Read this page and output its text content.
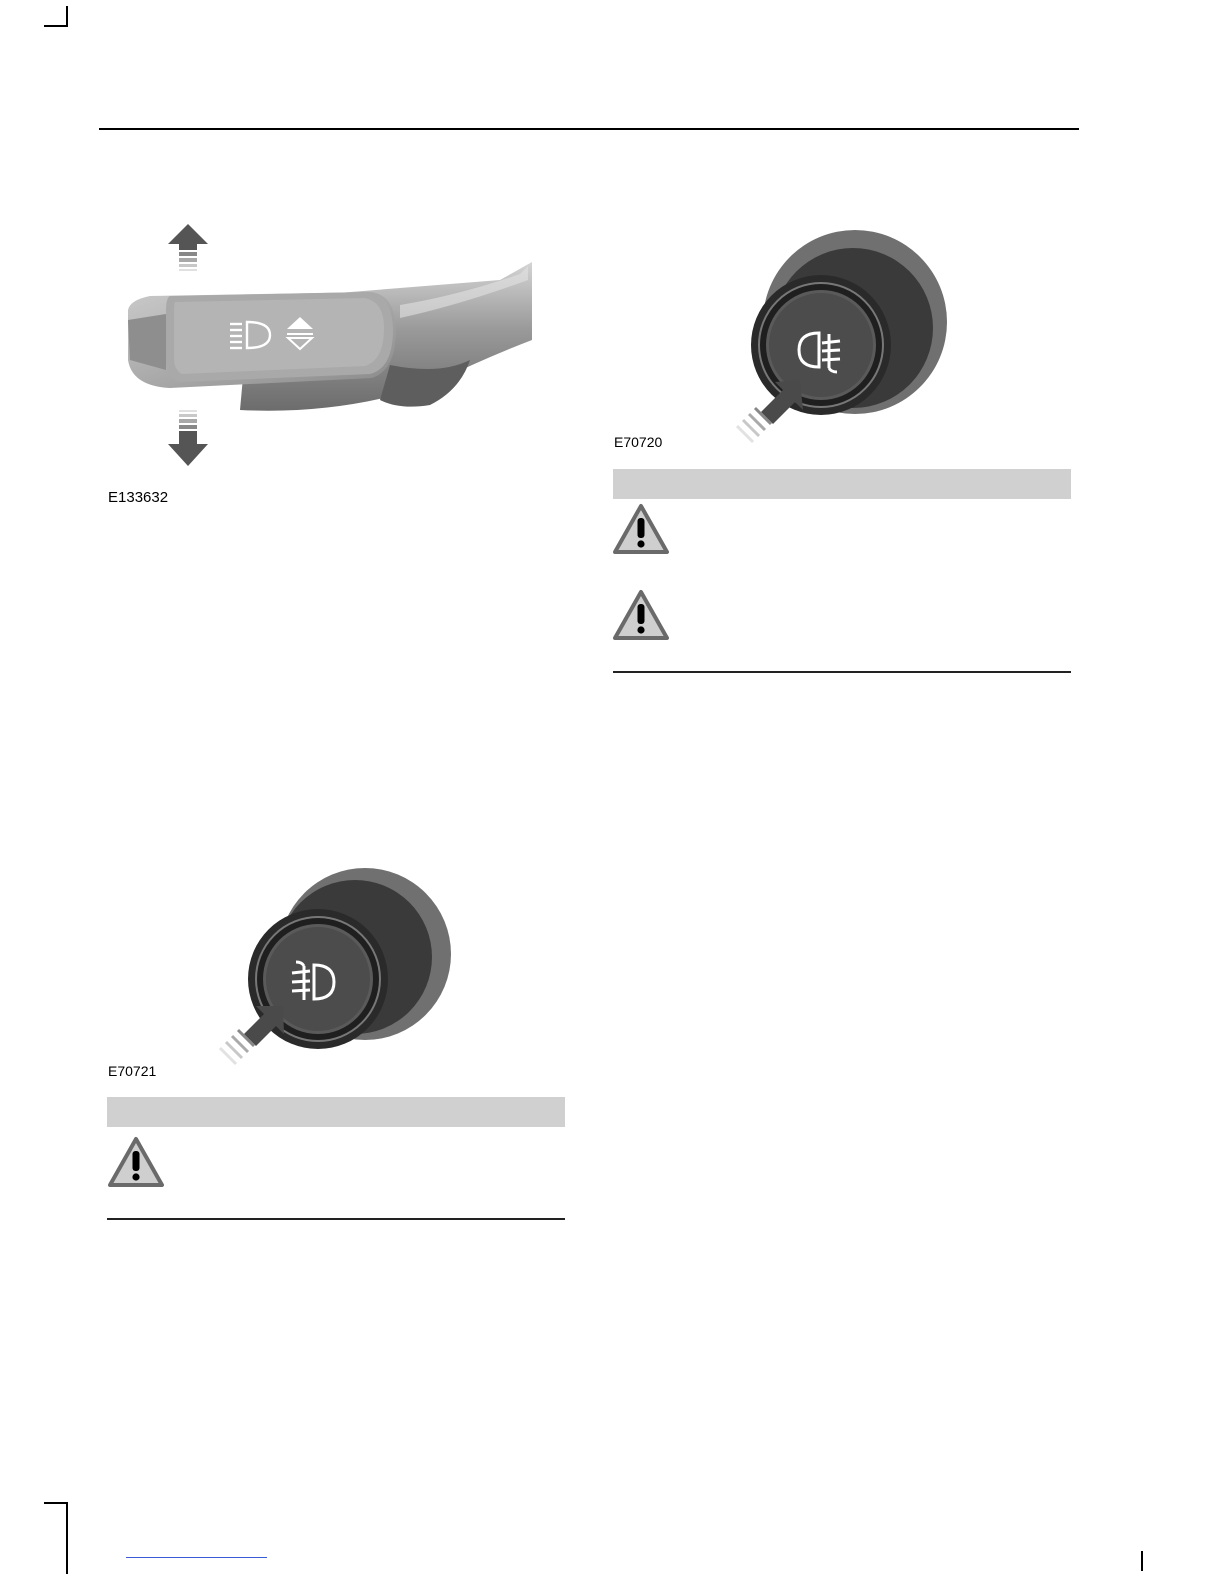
E133632
E70720
E70721
